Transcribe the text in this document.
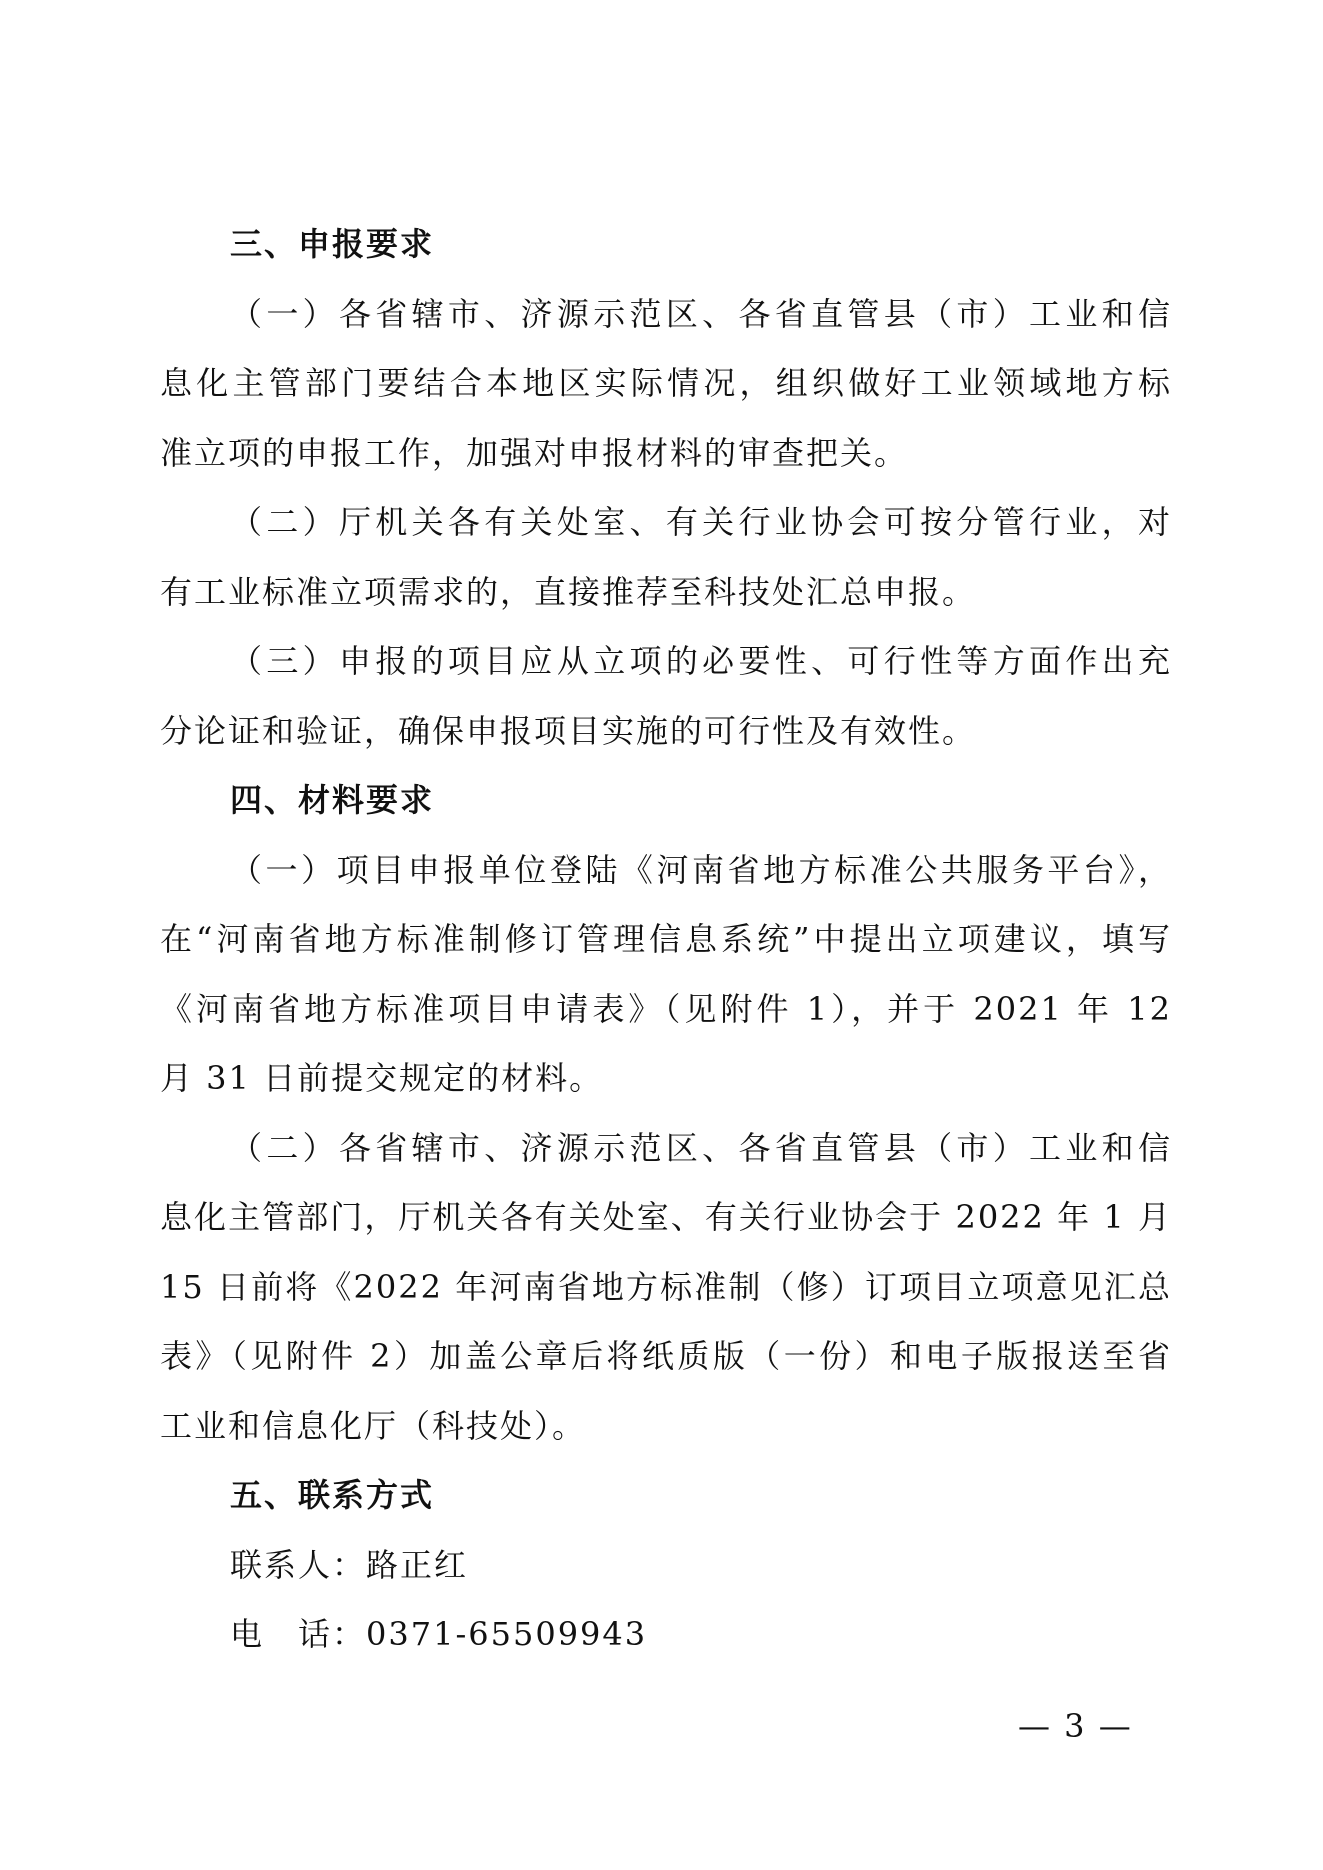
三、申报要求
（一）各省辖市、济源示范区、各省直管县（市）工业和信
息化主管部门要结合本地区实际情况，组织做好工业领域地方标
准立项的申报工作，加强对申报材料的审查把关。
（二）厅机关各有关处室、有关行业协会可按分管行业，对
有工业标准立项需求的，直接推荐至科技处汇总申报。
（三）申报的项目应从立项的必要性、可行性等方面作出充
分论证和验证，确保申报项目实施的可行性及有效性。
四、材料要求
（一）项目申报单位登陆《河南省地方标准公共服务平台》，
在“河南省地方标准制修订管理信息系统”中提出立项建议，填写
《河南省地方标准项目申请表》（见附件 1），并于 2021 年 12
月 31 日前提交规定的材料。
（二）各省辖市、济源示范区、各省直管县（市）工业和信
息化主管部门，厅机关各有关处室、有关行业协会于 2022 年 1 月
15 日前将《2022 年河南省地方标准制（修）订项目立项意见汇总
表》（见附件 2）加盖公章后将纸质版（一份）和电子版报送至省
工业和信息化厅（科技处）。
五、联系方式
联系人：路正红
电　话：0371-65509943
— 3 —
